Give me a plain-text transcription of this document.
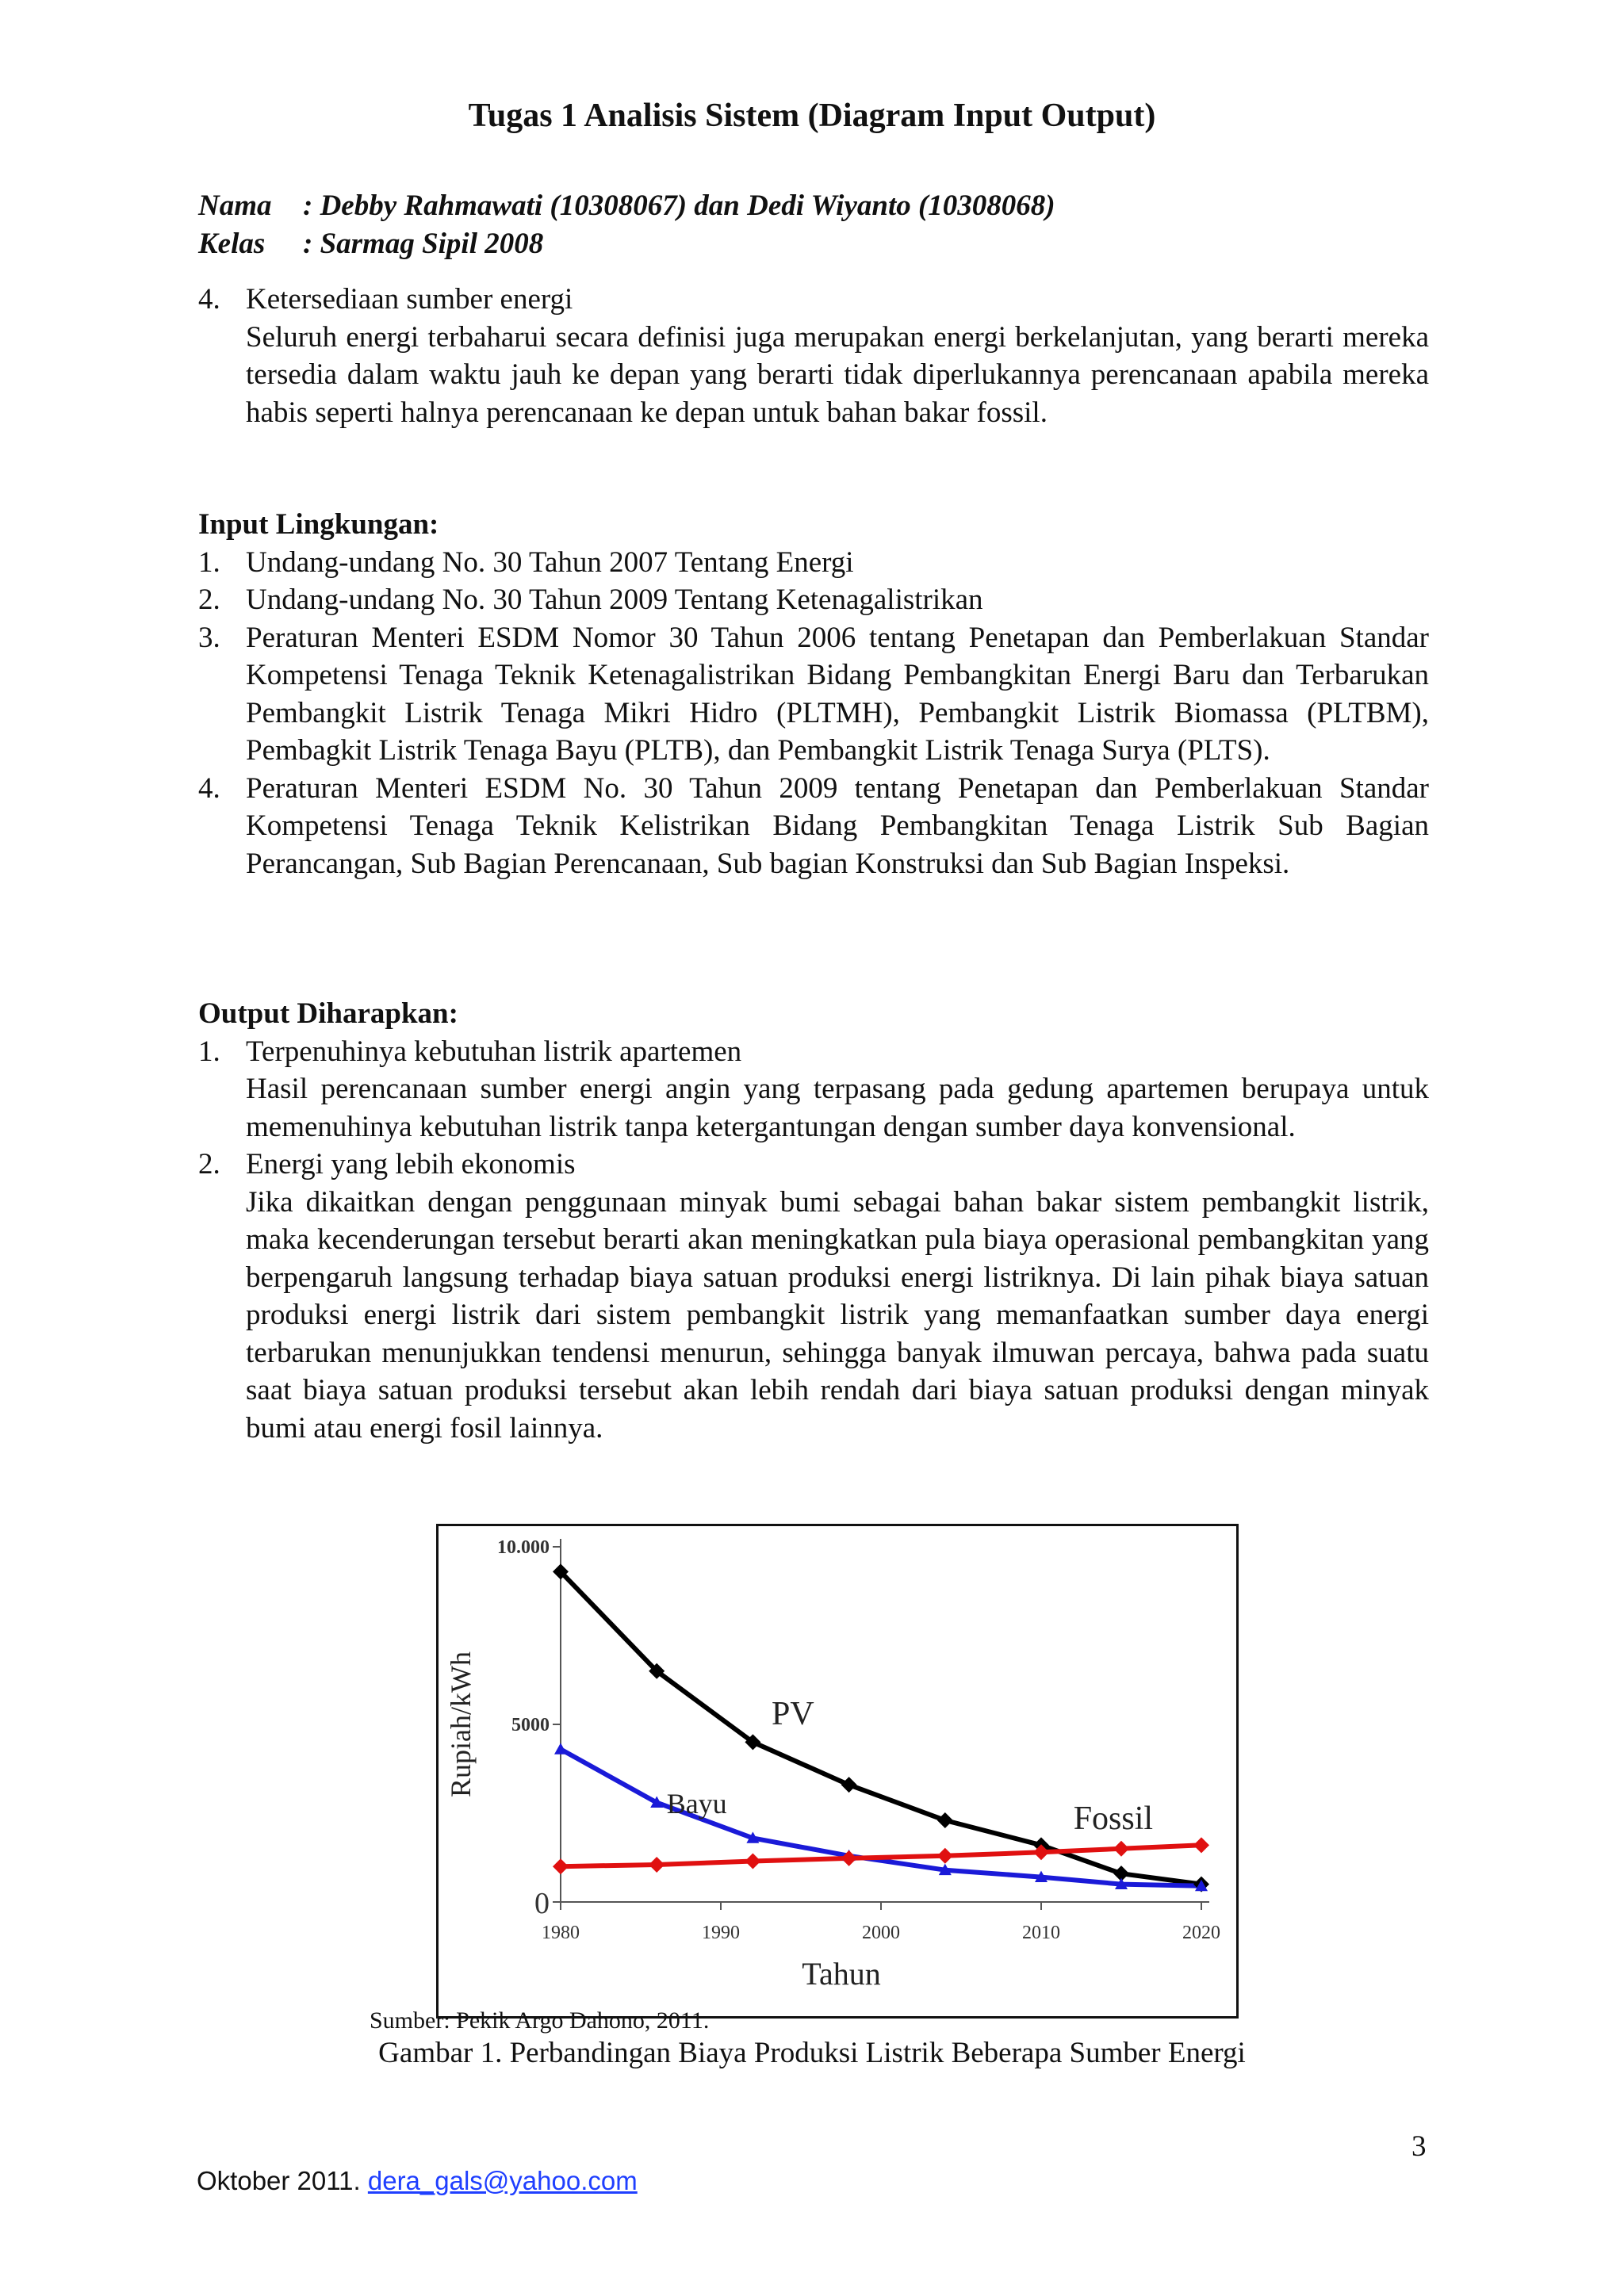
Tugas 1 Analisis Sistem (Diagram Input Output)
Nama : Debby Rahmawati (10308067) dan Dedi Wiyanto (10308068)
Kelas : Sarmag Sipil 2008
4. Ketersediaan sumber energi
Seluruh energi terbaharui secara definisi juga merupakan energi berkelanjutan, yang berarti mereka tersedia dalam waktu jauh ke depan yang berarti tidak diperlukannya perencanaan apabila mereka habis seperti halnya perencanaan ke depan untuk bahan bakar fossil.
Input Lingkungan:
1. Undang-undang No. 30 Tahun 2007 Tentang Energi
2. Undang-undang No. 30 Tahun 2009 Tentang Ketenagalistrikan
3. Peraturan Menteri ESDM Nomor 30 Tahun 2006 tentang Penetapan dan Pemberlakuan Standar Kompetensi Tenaga Teknik Ketenagalistrikan Bidang Pembangkitan Energi Baru dan Terbarukan Pembangkit Listrik Tenaga Mikri Hidro (PLTMH), Pembangkit Listrik Biomassa (PLTBM), Pembagkit Listrik Tenaga Bayu (PLTB), dan Pembangkit Listrik Tenaga Surya (PLTS).
4. Peraturan Menteri ESDM No. 30 Tahun 2009 tentang Penetapan dan Pemberlakuan Standar Kompetensi Tenaga Teknik Kelistrikan Bidang Pembangkitan Tenaga Listrik Sub Bagian Perancangan, Sub Bagian Perencanaan, Sub bagian Konstruksi dan Sub Bagian Inspeksi.
Output Diharapkan:
1. Terpenuhinya kebutuhan listrik apartemen
Hasil perencanaan sumber energi angin yang terpasang pada gedung apartemen berupaya untuk memenuhinya kebutuhan listrik tanpa ketergantungan dengan sumber daya konvensional.
2. Energi yang lebih ekonomis
Jika dikaitkan dengan penggunaan minyak bumi sebagai bahan bakar sistem pembangkit listrik, maka kecenderungan tersebut berarti akan meningkatkan pula biaya operasional pembangkitan yang berpengaruh langsung terhadap biaya satuan produksi energi listriknya. Di lain pihak biaya satuan produksi energi listrik dari sistem pembangkit listrik yang memanfaatkan sumber daya energi terbarukan menunjukkan tendensi menurun, sehingga banyak ilmuwan percaya, bahwa pada suatu saat biaya satuan produksi tersebut akan lebih rendah dari biaya satuan produksi dengan minyak bumi atau energi fosil lainnya.
1980	1990	2000	2010	2020
0
5000
10.000
Tahun
Rupiah/kWh	PV
Bayu	Fossil
Sumber: Pekik Argo Dahono, 2011.
Gambar 1. Perbandingan Biaya Produksi Listrik Beberapa Sumber Energi
3
Oktober 2011. dera_gals@yahoo.com
